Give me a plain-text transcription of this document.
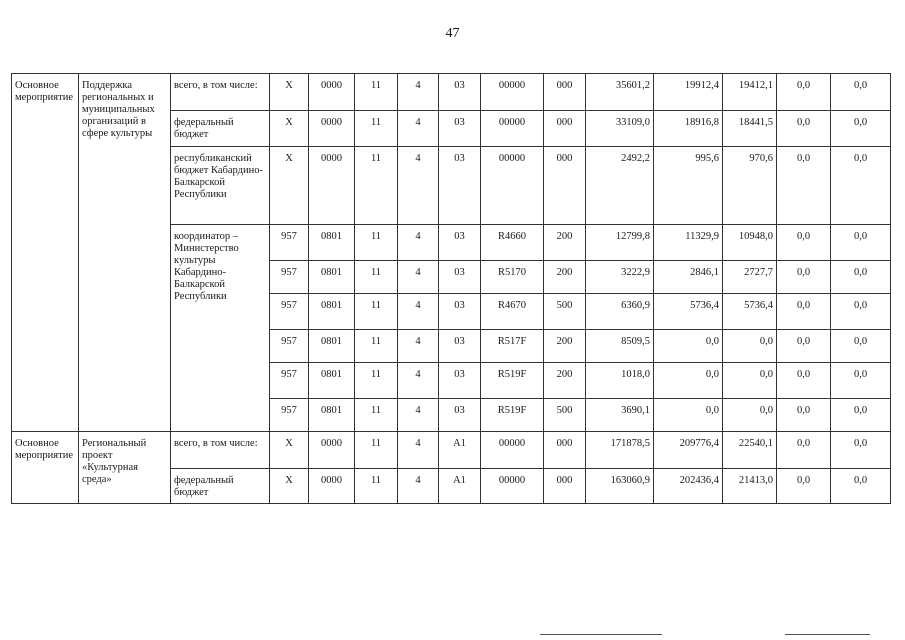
47
Основное мероприятие	Поддержка региональных и муниципальных организаций в сфере культуры	всего, в том числе:	Х	0000	11	4	03	00000	000	35601,2	19912,4	19412,1	0,0	0,0
		федеральный бюджет	Х	0000	11	4	03	00000	000	33109,0	18916,8	18441,5	0,0	0,0
		республиканский бюджет Кабардино-Балкарской Республики	Х	0000	11	4	03	00000	000	2492,2	995,6	970,6	0,0	0,0
		координатор – Министерство культуры Кабардино-Балкарской Республики	957	0801	11	4	03	R4660	200	12799,8	11329,9	10948,0	0,0	0,0
			957	0801	11	4	03	R5170	200	3222,9	2846,1	2727,7	0,0	0,0
			957	0801	11	4	03	R4670	500	6360,9	5736,4	5736,4	0,0	0,0
			957	0801	11	4	03	R517F	200	8509,5	0,0	0,0	0,0	0,0
			957	0801	11	4	03	R519F	200	1018,0	0,0	0,0	0,0	0,0
			957	0801	11	4	03	R519F	500	3690,1	0,0	0,0	0,0	0,0
Основное мероприятие	Региональный проект «Культурная среда»	всего, в том числе:	Х	0000	11	4	А1	00000	000	171878,5	209776,4	22540,1	0,0	0,0
		федеральный бюджет	Х	0000	11	4	А1	00000	000	163060,9	202436,4	21413,0	0,0	0,0
